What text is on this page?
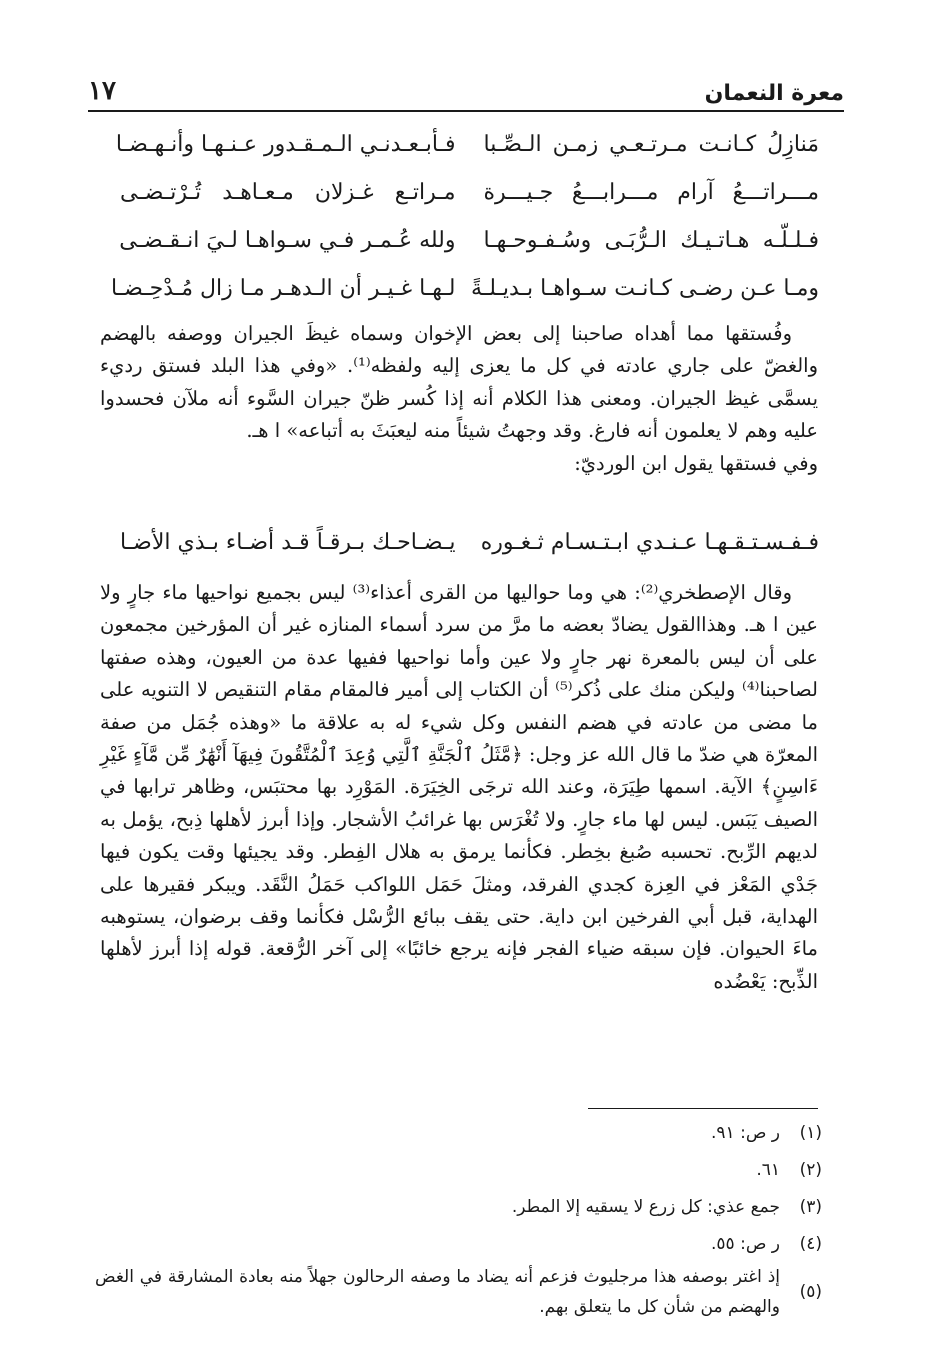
معرة النعمان
١٧
مَنازِلُ كـانـت مـرتـعـي زمـن الـصِّـبا
فـأبـعـدنـي الـمـقـدور عـنـهـا وأنـهـضـا
مـــراتـــعُ آرام مـــرابـــعُ جـيـــرة
مـراتـع غـزلان مـعـاهـد تُـرْتـضـى
فـلـلّـه هـاتـيـك الـرُّبَـى وسُـفـوحـهـا
ولله عُـمـر فـي سـواهـا لـيَ انـقـضـى
ومـا عـن رضـى كـانـت سـواهـا بـديـلـةً
لـهـا غـيـر أن الـدهـر مـا زال مُـدْحِـضـا

وفُستقها مما أهداه صاحبنا إلى بعض الإخوان وسماه غيظَ الجيران ووصفه بالهضم والغضّ على جاري عادته في كل ما يعزى إليه ولفظه⁽¹⁾. «وفي هذا البلد فستق رديء يسمَّى غيظ الجيران. ومعنى هذا الكلام أنه إذا كُسر ظنّ جيران السَّوء أنه ملآن فحسدوا عليه وهم لا يعلمون أنه فارغ. وقد وجهتُ شيئاً منه ليعبَثَ به أتباعه» ا هـ.

وفي فستقها يقول ابن الورديّ:

فـفـسـتـقـهـا عـنـدي ابـتـسـام ثـغـوره
يـضـاحـك بـرقـاً قـد أضـاء بـذي الأضـا

وقال الإصطخري⁽²⁾: هي وما حواليها من القرى أعذاء⁽³⁾ ليس بجميع نواحيها ماء جارٍ ولا عين ا هـ. وهذاالقول يضادّ بعضه ما مرَّ من سرد أسماء المنازه غير أن المؤرخين مجمعون على أن ليس بالمعرة نهر جارٍ ولا عين وأما نواحيها ففيها عدة من العيون، وهذه صفتها لصاحبنا⁽⁴⁾ وليكن منك على ذُكر⁽⁵⁾ أن الكتاب إلى أمير فالمقام مقام التنقيص لا التنويه على ما مضى من عادته في هضم النفس وكل شيء له به علاقة ما «وهذه جُمَل من صفة المعرّة هي ضدّ ما قال الله عز وجل: ﴿مَّثَلُ ٱلْجَنَّةِ ٱلَّتِي وُعِدَ ٱلْمُتَّقُونَ فِيهَآ أَنْهَٰرٌ مِّن مَّآءٍ غَيْرِ ءَاسِنٍ﴾ الآية. اسمها طِيَرَة، وعند الله ترجَى الخِيَرَة. المَوْرِد بها محتبَس، وظاهر ترابها في الصيف يَبَس. ليس لها ماء جارٍ. ولا تُغْرَس بها غرائبُ الأشجار. وإذا أبرز لأهلها ذِبح، يؤمل به لديهم الرِّبح. تحسبه صُبغ بخِطر. فكأنما يرمق به هلال الفِطر. وقد يجيئها وقت يكون فيها جَدْي المَعْز في العِزة كجدي الفرقد، ومثلَ حَمَل اللواكب حَمَلُ النَّقَد. ويبكر فقيرها على الهداية، قبل أبي الفرخين ابن داية. حتى يقف ببائع الرُّسْل فكأنما وقف برضوان، يستوهبه ماءَ الحيوان. فإن سبقه ضياء الفجر فإنه يرجع خائبًا» إلى آخر الرُّقعة. قوله إذا أبرز لأهلها الذِّبح: يَعْضُده

(١)
ر ص: ٩١.
(٢)
٦١.
(٣)
جمع عذي: كل زرع لا يسقيه إلا المطر.
(٤)
ر ص: ٥٥.
(٥)
إذ اغتر بوصفه هذا مرجليوث فزعم أنه يضاد ما وصفه الرحالون جهلاً منه بعادة المشارقة في الغض والهضم من شأن كل ما يتعلق بهم.
